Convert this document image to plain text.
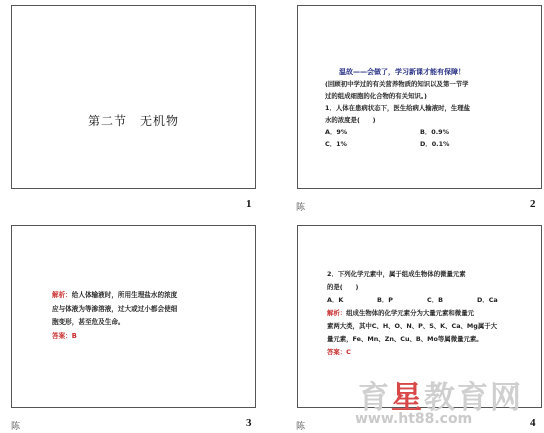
第二节　无机物
1
温故——会做了，学习新课才能有保障！
(回顾初中学过的有关营养物质的知识以及第一节学
过的组成细胞的化合物的有关知识。)
1．人体在患病状态下，医生给病人输液时，生理盐
水的浓度是(　　)
A．9%	B．0.9%
C．1%	D．0.1%
陈	2
解析：给人体输液时，所用生理盐水的浓度
应与体液为等渗溶液，过大或过小都会使细
胞变形，甚至危及生命。
答案：B
陈	3
2．下列化学元素中，属于组成生物体的微量元素
的是(　　)
A．K	B．P	C．B	D．Ca
解析：组成生物体的化学元素分为大量元素和微量元
素两大类，其中C、H、O、N、P、S、K、Ca、Mg属于大
量元素，Fe、Mn、Zn、Cu、B、Mo等属微量元素。
答案：C
陈	4
育星教育网
www.ht88.com
